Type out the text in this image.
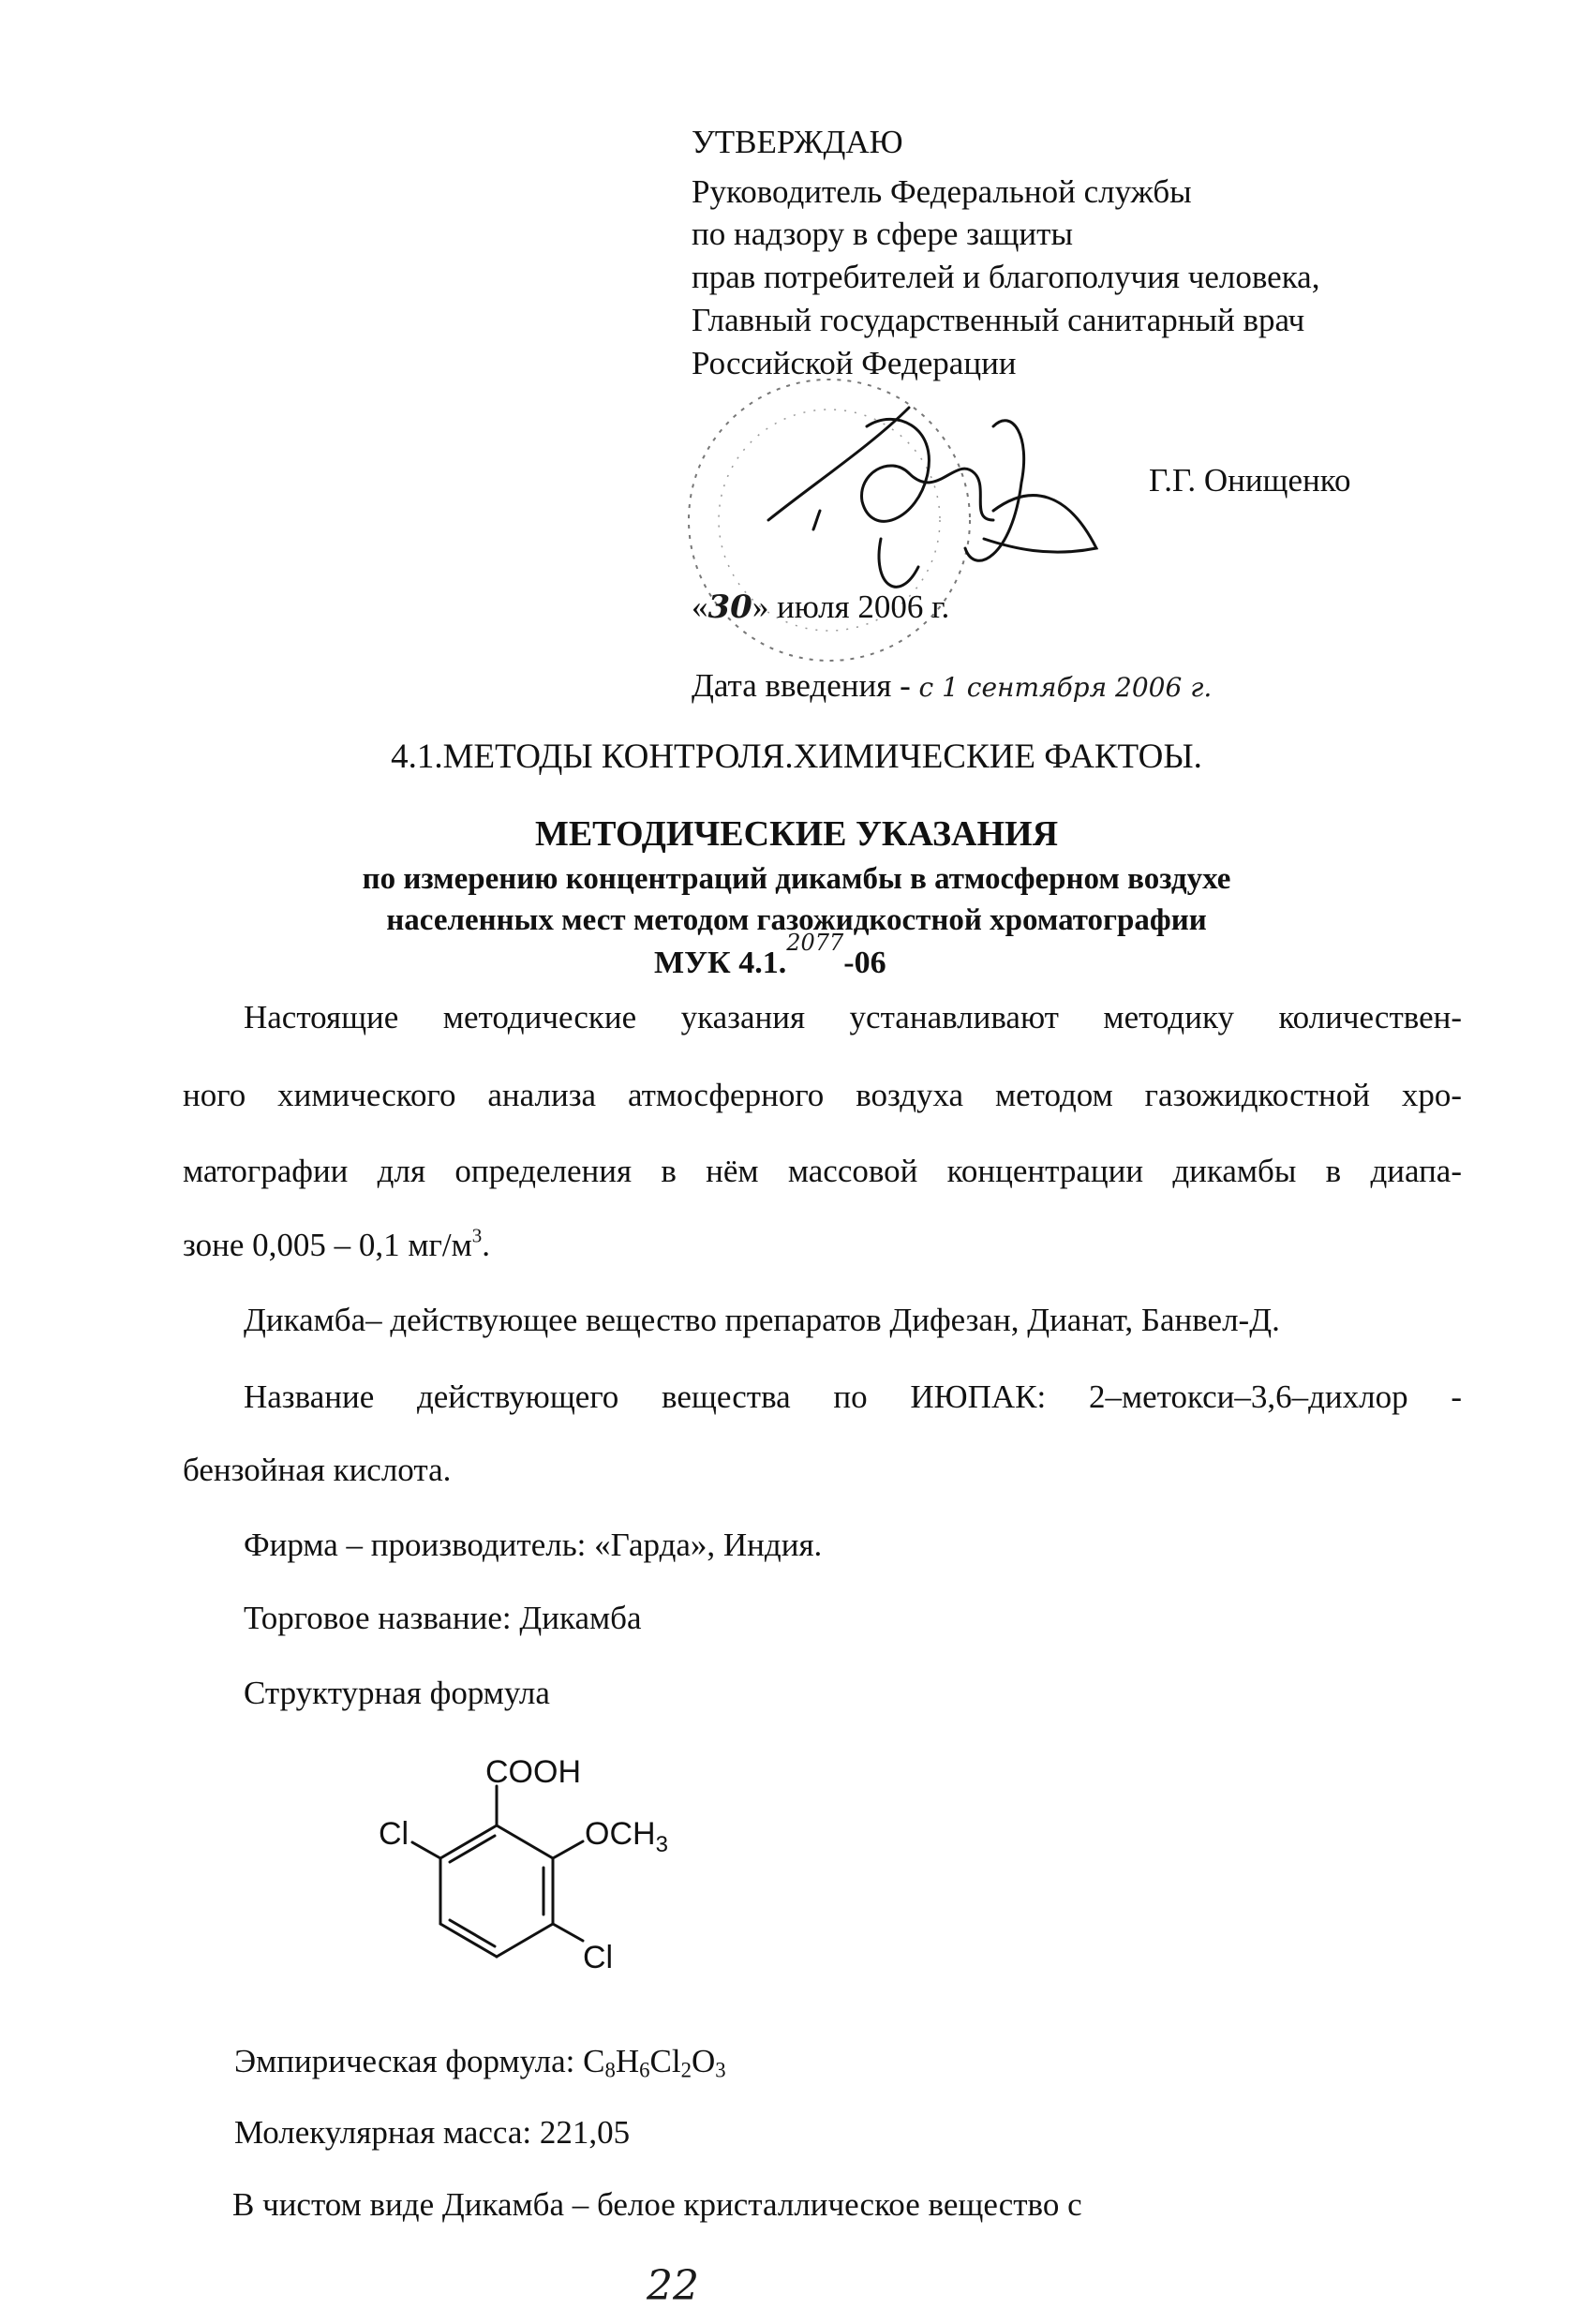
УТВЕРЖДАЮ
Руководитель Федеральной службы
по надзору в сфере защиты
прав потребителей и благополучия человека,
Главный государственный санитарный врач
Российской Федерации
Г.Г. Онищенко
«30» июля 2006 г.
Дата введения - с 1 сентября 2006 г.
4.1.МЕТОДЫ КОНТРОЛЯ.ХИМИЧЕСКИЕ ФАКТОЫ.
МЕТОДИЧЕСКИЕ УКАЗАНИЯ
по измерению концентраций дикамбы в атмосферном воздухе
населенных мест методом газожидкостной хроматографии
МУК 4.1.$^{2077}$-06
Настоящие методические указания устанавливают методику количествен-
ного химического анализа атмосферного воздуха методом газожидкостной хро-
матографии для определения в нём массовой концентрации дикамбы в диапа-
зоне 0,005 – 0,1 $мг/м^3$.
Дикамба– действующее вещество препаратов Дифезан, Дианат, Банвел-Д.
Название действующего вещества по ИЮПАК: 2–метокси–3,6–дихлор -
бензойная кислота.
Фирма – производитель: «Гарда», Индия.
Торговое название: Дикамба
Структурная формула
COOH
Cl	$OCH_3$
Cl
Эмпирическая формула: $C_8H_6Cl_2O_3$
Молекулярная масса: 221,05
В чистом виде Дикамба – белое кристаллическое вещество с
22
